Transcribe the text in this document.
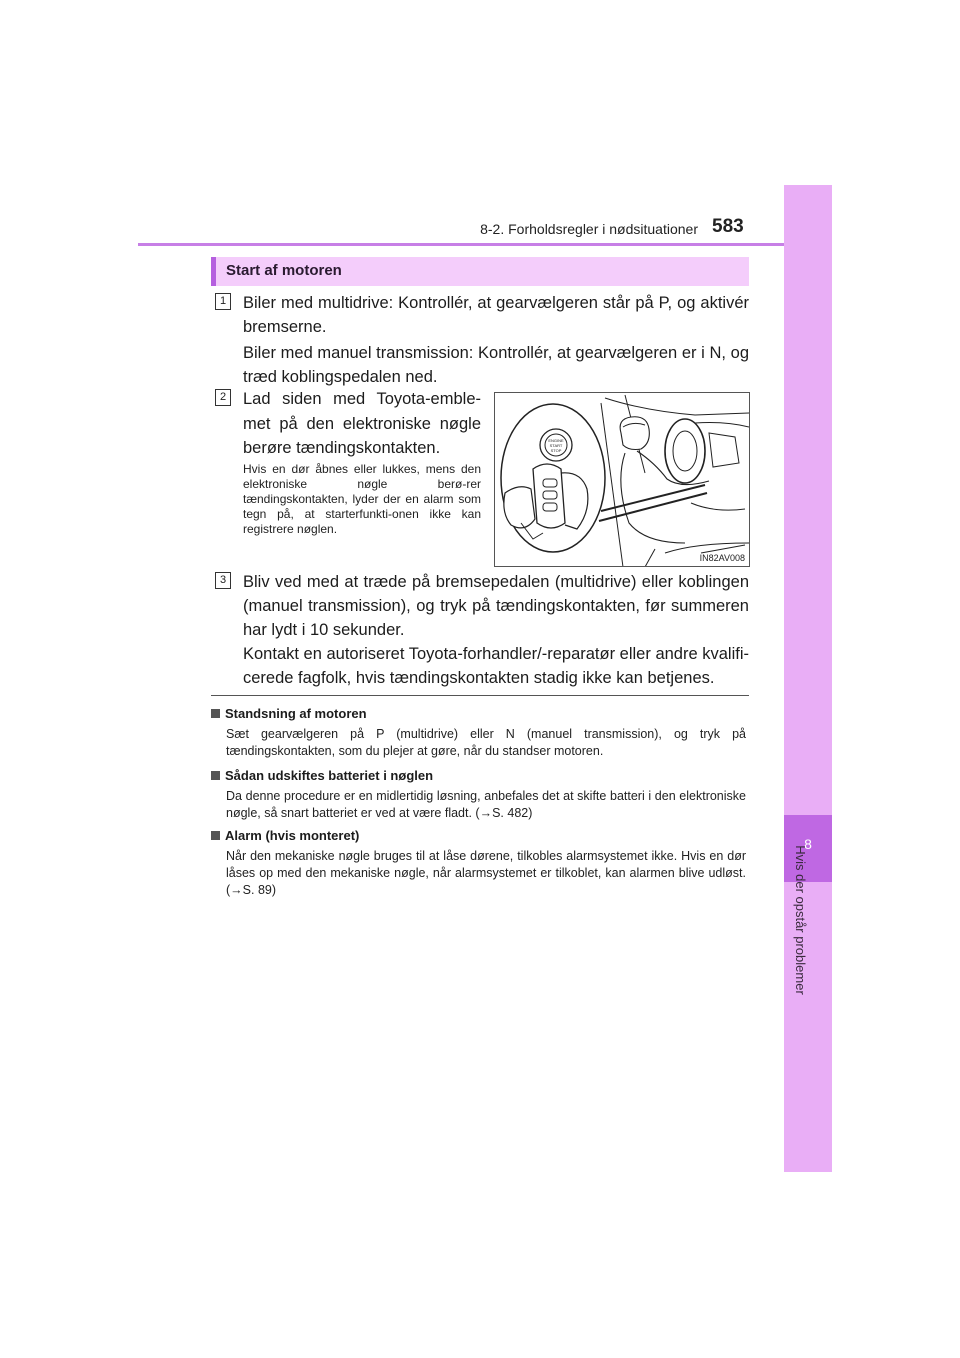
8-2. Forholdsregler i nødsituationer 583
8
Hvis der opstår problemer
Start af motoren
1 Biler med multidrive: Kontrollér, at gearvælgeren står på P, og aktivér bremserne.
Biler med manuel transmission: Kontrollér, at gearvælgeren er i N, og træd koblingspedalen ned.
2 Lad siden med Toyota-emble-met på den elektroniske nøgle berøre tændingskontakten.
Hvis en dør åbnes eller lukkes, mens den elektroniske nøgle berø-rer tændingskontakten, lyder der en alarm som tegn på, at starterfunkti-onen ikke kan registrere nøglen.
ENGINE
START
STOP
IN82AV008
3 Bliv ved med at træde på bremsepedalen (multidrive) eller koblingen (manuel transmission), og tryk på tændingskontakten, før summeren har lydt i 10 sekunder.
Kontakt en autoriseret Toyota-forhandler/-reparatør eller andre kvalifi-cerede fagfolk, hvis tændingskontakten stadig ikke kan betjenes.
Standsning af motoren
Sæt gearvælgeren på P (multidrive) eller N (manuel transmission), og tryk på tændingskontakten, som du plejer at gøre, når du standser motoren.
Sådan udskiftes batteriet i nøglen
Da denne procedure er en midlertidig løsning, anbefales det at skifte batteri i den elektroniske nøgle, så snart batteriet er ved at være fladt. (→S. 482)
Alarm (hvis monteret)
Når den mekaniske nøgle bruges til at låse dørene, tilkobles alarmsystemet ikke. Hvis en dør låses op med den mekaniske nøgle, når alarmsystemet er tilkoblet, kan alarmen blive udløst. (→S. 89)
